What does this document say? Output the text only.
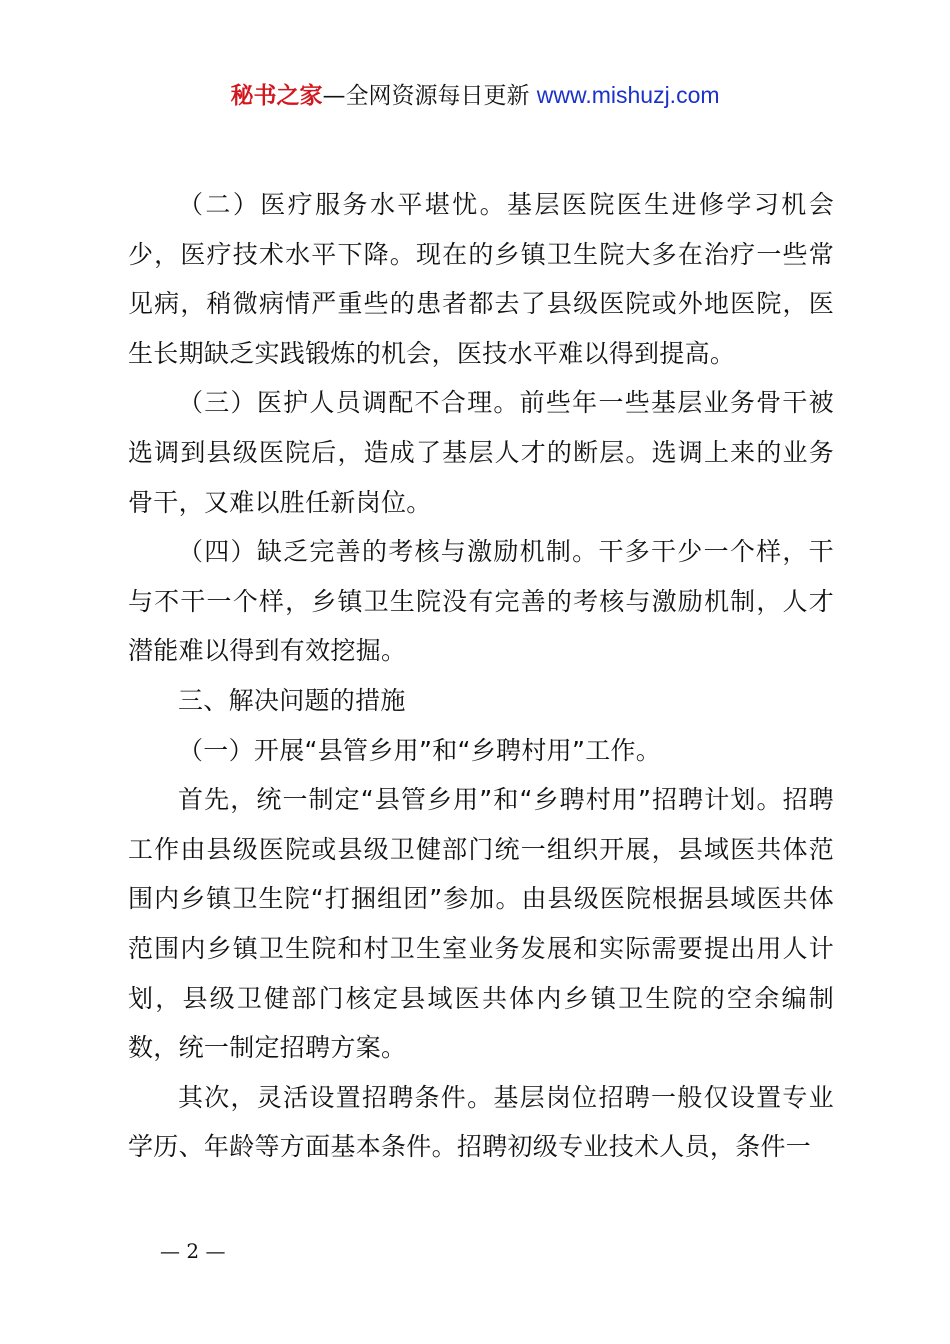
秘书之家—全网资源每日更新 www.mishuzj.com

（二）医疗服务水平堪忧。基层医院医生进修学习机会少，医疗技术水平下降。现在的乡镇卫生院大多在治疗一些常见病，稍微病情严重些的患者都去了县级医院或外地医院，医生长期缺乏实践锻炼的机会，医技水平难以得到提高。

（三）医护人员调配不合理。前些年一些基层业务骨干被选调到县级医院后，造成了基层人才的断层。选调上来的业务骨干，又难以胜任新岗位。

（四）缺乏完善的考核与激励机制。干多干少一个样，干与不干一个样，乡镇卫生院没有完善的考核与激励机制，人才潜能难以得到有效挖掘。

三、解决问题的措施

（一）开展“县管乡用”和“乡聘村用”工作。

首先，统一制定“县管乡用”和“乡聘村用”招聘计划。招聘工作由县级医院或县级卫健部门统一组织开展，县域医共体范围内乡镇卫生院“打捆组团”参加。由县级医院根据县域医共体范围内乡镇卫生院和村卫生室业务发展和实际需要提出用人计划，县级卫健部门核定县域医共体内乡镇卫生院的空余编制数，统一制定招聘方案。

其次，灵活设置招聘条件。基层岗位招聘一般仅设置专业学历、年龄等方面基本条件。招聘初级专业技术人员，条件一

— 2 —
